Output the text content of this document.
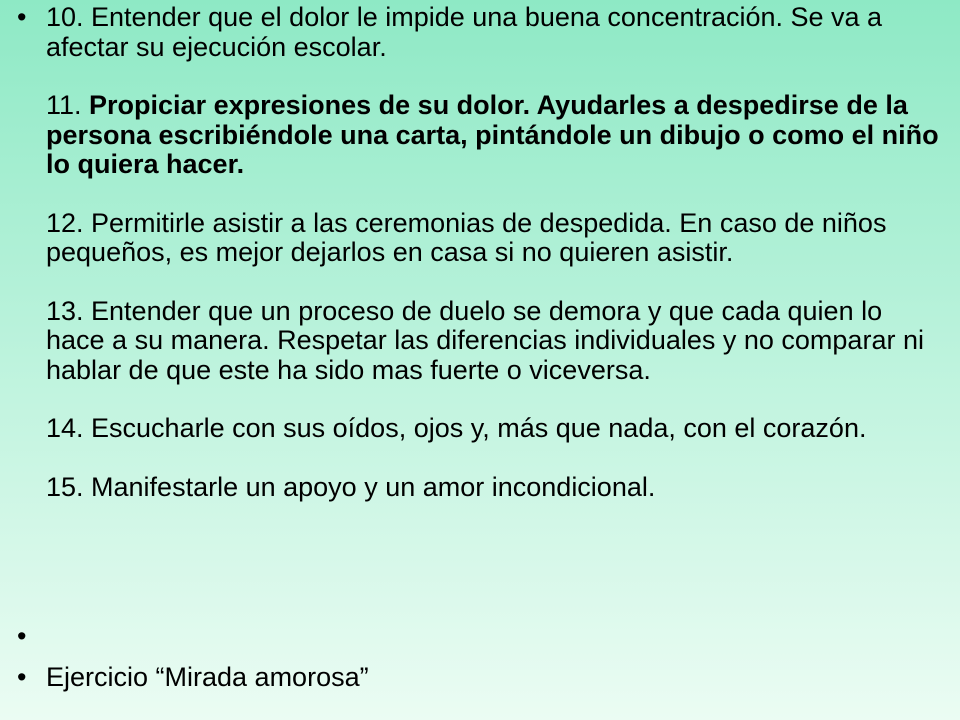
• 10. Entender que el dolor le impide una buena concentración. Se va a afectar su ejecución escolar.

11. Propiciar expresiones de su dolor. Ayudarles a despedirse de la persona escribiéndole una carta, pintándole un dibujo o como el niño lo quiera hacer.

12. Permitirle asistir a las ceremonias de despedida. En caso de niños pequeños, es mejor dejarlos en casa si no quieren asistir.

13. Entender que un proceso de duelo se demora y que cada quien lo hace a su manera. Respetar las diferencias individuales y no comparar ni hablar de que este ha sido mas fuerte o viceversa.

14. Escucharle con sus oídos, ojos y, más que nada, con el corazón.

15. Manifestarle un apoyo y un amor incondicional.

•
• Ejercicio “Mirada amorosa”
